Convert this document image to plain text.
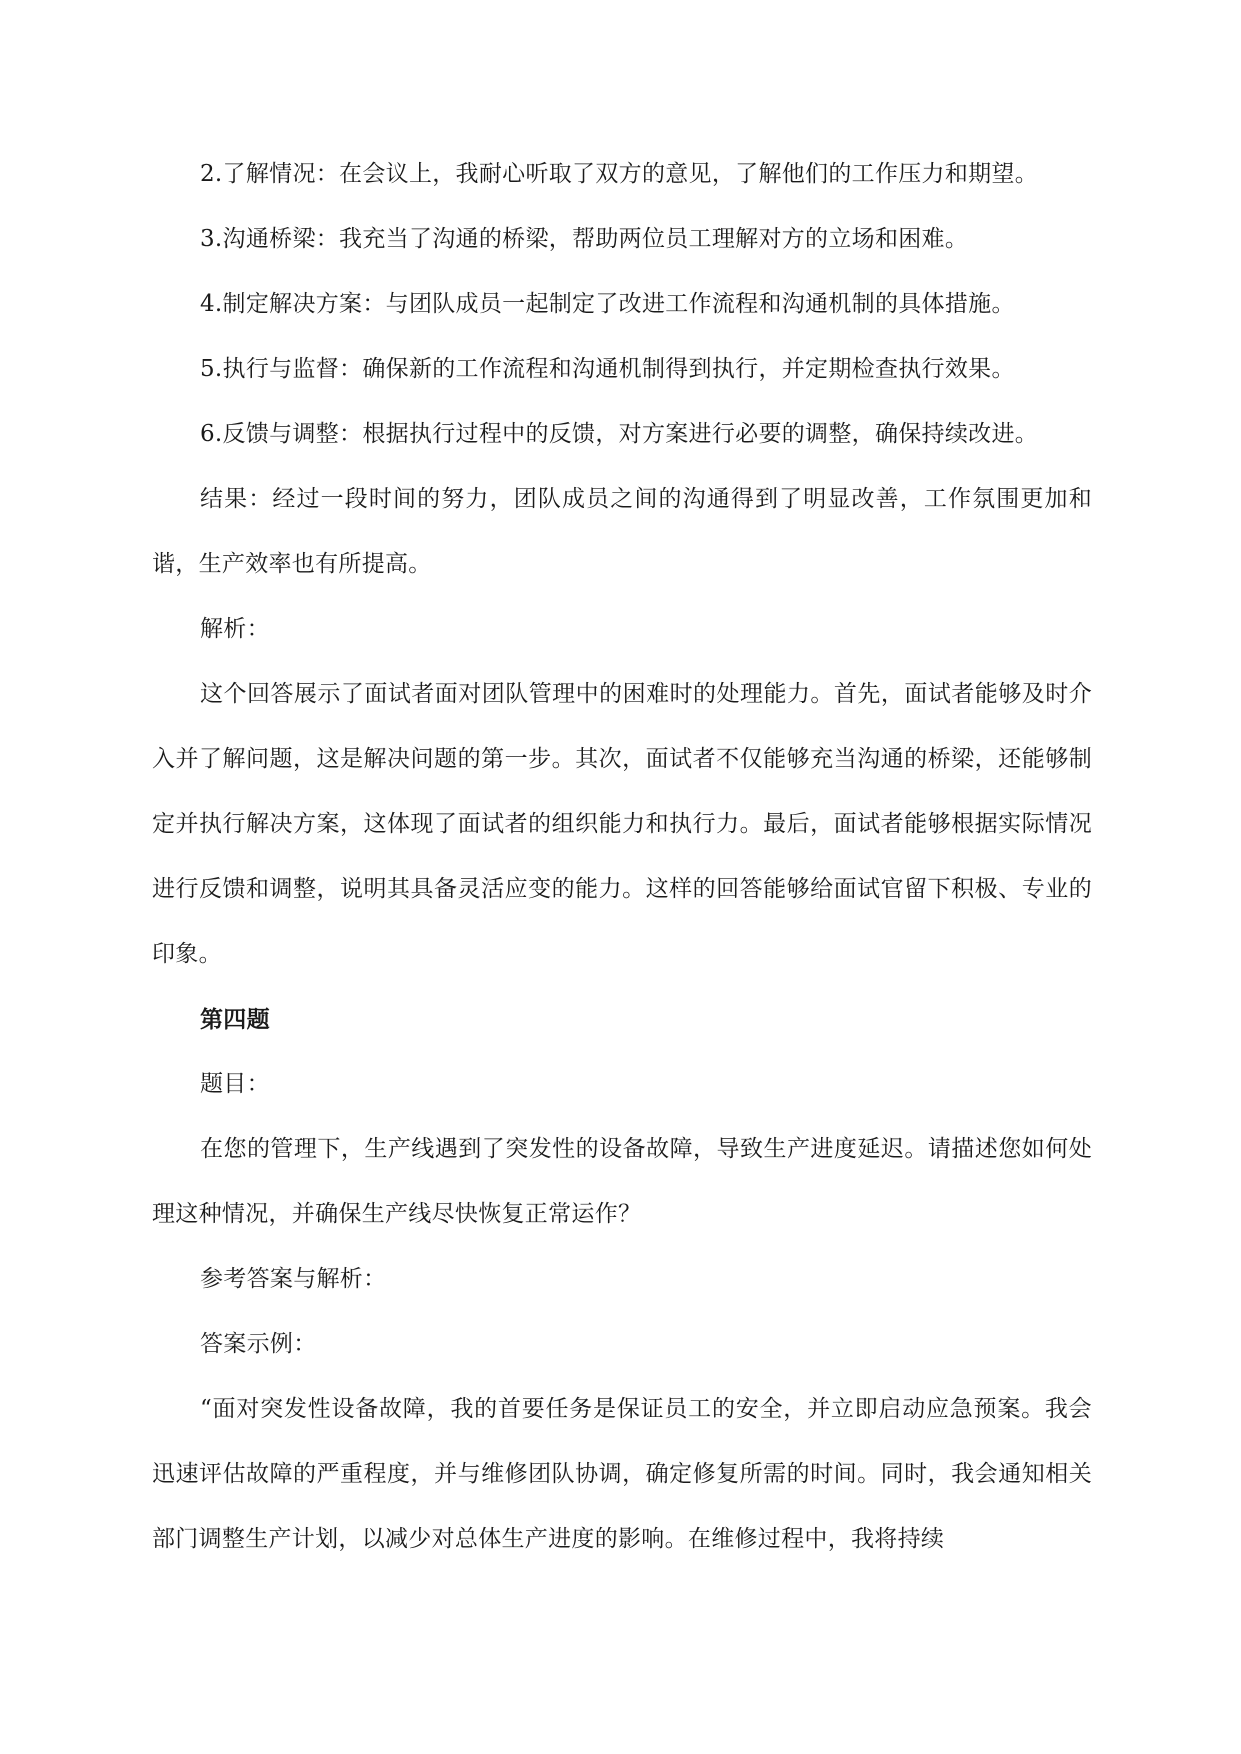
2.了解情况：在会议上，我耐心听取了双方的意见，了解他们的工作压力和期望。

3.沟通桥梁：我充当了沟通的桥梁，帮助两位员工理解对方的立场和困难。

4.制定解决方案：与团队成员一起制定了改进工作流程和沟通机制的具体措施。

5.执行与监督：确保新的工作流程和沟通机制得到执行，并定期检查执行效果。

6.反馈与调整：根据执行过程中的反馈，对方案进行必要的调整，确保持续改进。

结果：经过一段时间的努力，团队成员之间的沟通得到了明显改善，工作氛围更加和谐，生产效率也有所提高。

解析：

这个回答展示了面试者面对团队管理中的困难时的处理能力。首先，面试者能够及时介入并了解问题，这是解决问题的第一步。其次，面试者不仅能够充当沟通的桥梁，还能够制定并执行解决方案，这体现了面试者的组织能力和执行力。最后，面试者能够根据实际情况进行反馈和调整，说明其具备灵活应变的能力。这样的回答能够给面试官留下积极、专业的印象。

第四题

题目：

在您的管理下，生产线遇到了突发性的设备故障，导致生产进度延迟。请描述您如何处理这种情况，并确保生产线尽快恢复正常运作？

参考答案与解析：

答案示例：

“面对突发性设备故障，我的首要任务是保证员工的安全，并立即启动应急预案。我会迅速评估故障的严重程度，并与维修团队协调，确定修复所需的时间。同时，我会通知相关部门调整生产计划，以减少对总体生产进度的影响。在维修过程中，我将持续
